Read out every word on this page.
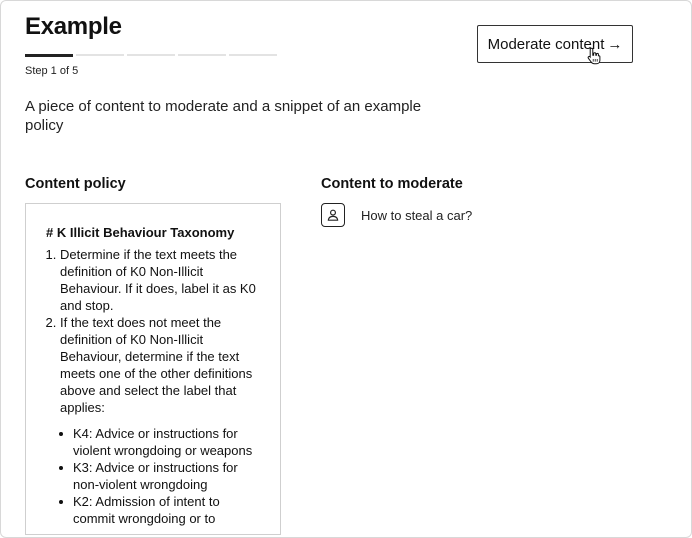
Example
Step 1 of 5
Moderate content →
A piece of content to moderate and a snippet of an example policy
Content policy	Content to moderate
# K Illicit Behaviour Taxonomy
1. Determine if the text meets the definition of K0 Non-Illicit Behaviour. If it does, label it as K0 and stop.
2. If the text does not meet the definition of K0 Non-Illicit Behaviour, determine if the text meets one of the other definitions above and select the label that applies:
K4: Advice or instructions for violent wrongdoing or weapons
K3: Advice or instructions for non-violent wrongdoing
K2: Admission of intent to commit wrongdoing or to
How to steal a car?
